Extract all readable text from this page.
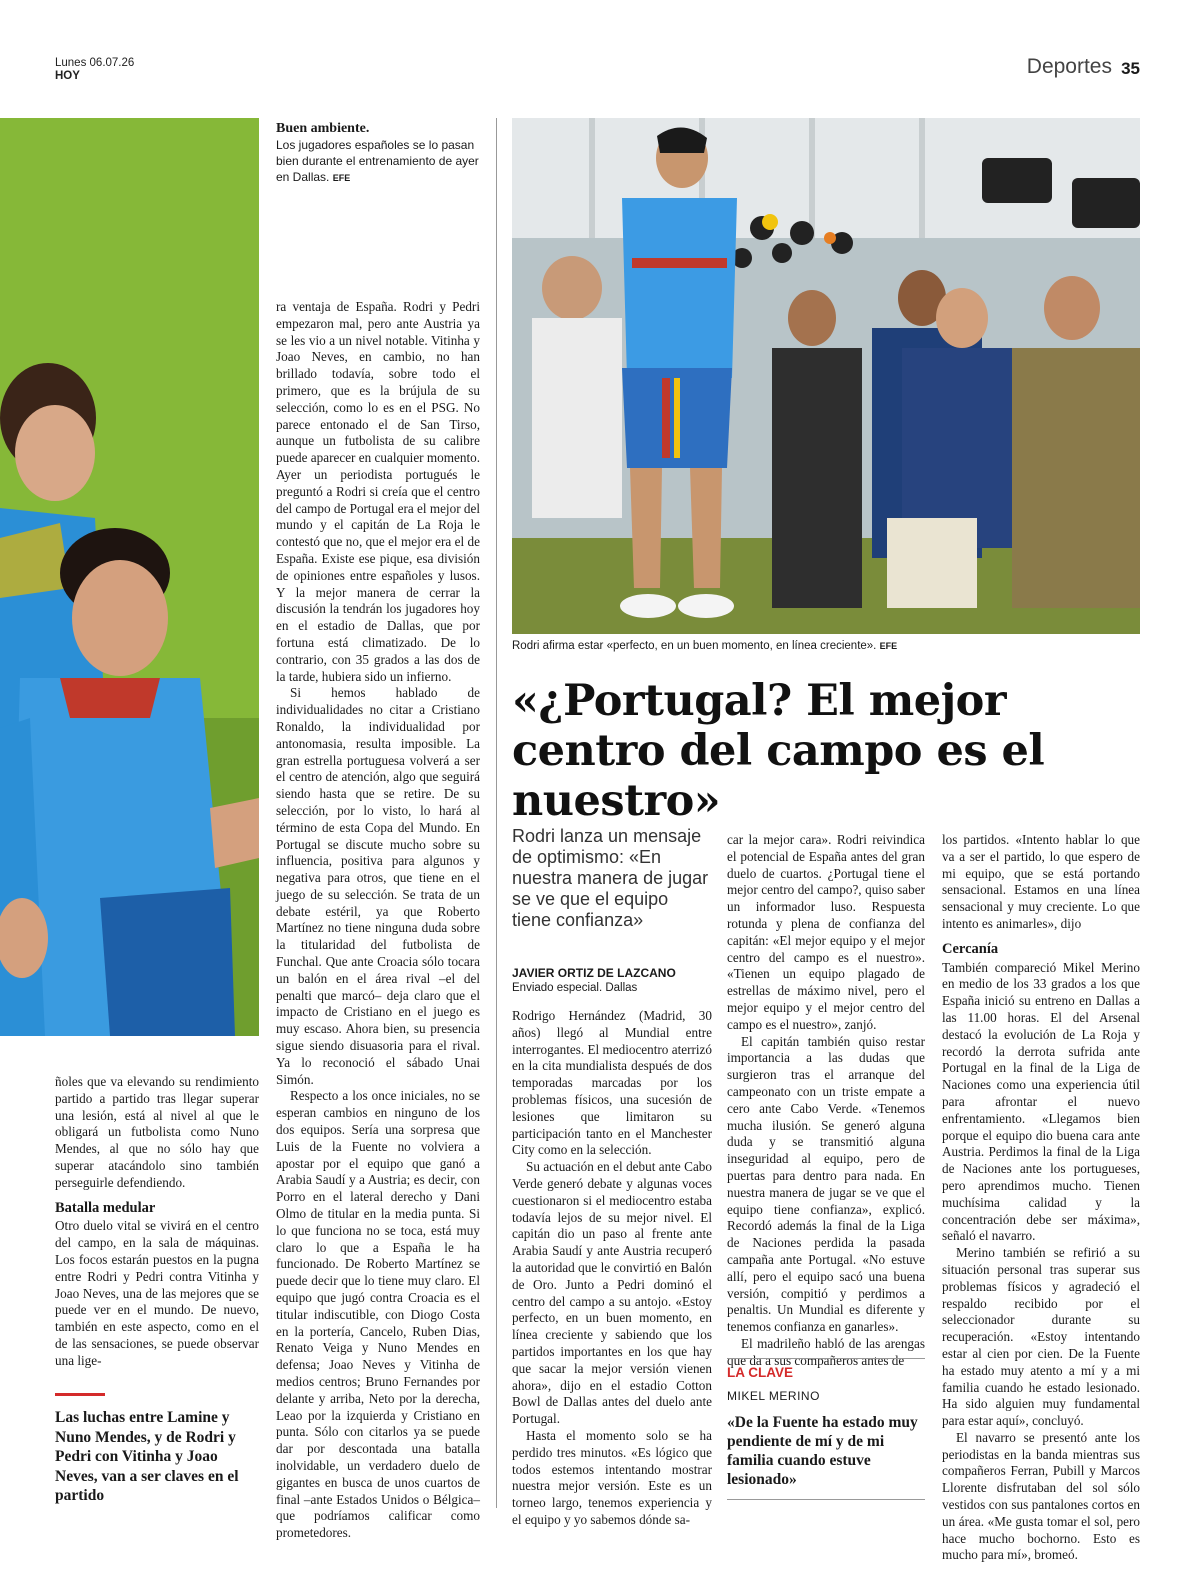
Lunes 06.07.26
HOY	Deportes 35
Buen ambiente.
Los jugadores españoles se lo pasan bien durante el entrenamiento de ayer en Dallas. EFE
Rodri afirma estar «perfecto, en un buen momento, en línea creciente». EFE
«¿Portugal? El mejor centro del campo es el nuestro»
Rodri lanza un mensaje de optimismo: «En nuestra manera de jugar se ve que el equipo tiene confianza»
JAVIER ORTIZ DE LAZCANO
Enviado especial. Dallas

ñoles que va elevando su rendimiento partido a partido tras llegar superar una lesión, está al nivel al que le obligará un futbolista como Nuno Mendes, al que no sólo hay que superar atacándolo sino también perseguirle defendiendo.

Batalla medular

Otro duelo vital se vivirá en el centro del campo, en la sala de máquinas. Los focos estarán puestos en la pugna entre Rodri y Pedri contra Vitinha y Joao Neves, una de las mejores que se puede ver en el mundo. De nuevo, también en este aspecto, como en el de las sensaciones, se puede observar una lige-

Las luchas entre Lamine y Nuno Mendes, y de Rodri y Pedri con Vitinha y Joao Neves, van a ser claves en el partido

ra ventaja de España. Rodri y Pedri empezaron mal, pero ante Austria ya se les vio a un nivel notable. Vitinha y Joao Neves, en cambio, no han brillado todavía, sobre todo el primero, que es la brújula de su selección, como lo es en el PSG. No parece entonado el de San Tirso, aunque un futbolista de su calibre puede aparecer en cualquier momento. Ayer un periodista portugués le preguntó a Rodri si creía que el centro del campo de Portugal era el mejor del mundo y el capitán de La Roja le contestó que no, que el mejor era el de España. Existe ese pique, esa división de opiniones entre españoles y lusos. Y la mejor manera de cerrar la discusión la tendrán los jugadores hoy en el estadio de Dallas, que por fortuna está climatizado. De lo contrario, con 35 grados a las dos de la tarde, hubiera sido un infierno.

Si hemos hablado de individualidades no citar a Cristiano Ronaldo, la individualidad por antonomasia, resulta imposible. La gran estrella portuguesa volverá a ser el centro de atención, algo que seguirá siendo hasta que se retire. De su selección, por lo visto, lo hará al término de esta Copa del Mundo. En Portugal se discute mucho sobre su influencia, positiva para algunos y negativa para otros, que tiene en el juego de su selección. Se trata de un debate estéril, ya que Roberto Martínez no tiene ninguna duda sobre la titularidad del futbolista de Funchal. Que ante Croacia sólo tocara un balón en el área rival –el del penalti que marcó– deja claro que el impacto de Cristiano en el juego es muy escaso. Ahora bien, su presencia sigue siendo disuasoria para el rival. Ya lo reconoció el sábado Unai Simón.

Respecto a los once iniciales, no se esperan cambios en ninguno de los dos equipos. Sería una sorpresa que Luis de la Fuente no volviera a apostar por el equipo que ganó a Arabia Saudí y a Austria; es decir, con Porro en el lateral derecho y Dani Olmo de titular en la media punta. Si lo que funciona no se toca, está muy claro lo que a España le ha funcionado. De Roberto Martínez se puede decir que lo tiene muy claro. El equipo que jugó contra Croacia es el titular indiscutible, con Diogo Costa en la portería, Cancelo, Ruben Dias, Renato Veiga y Nuno Mendes en defensa; Joao Neves y Vitinha de medios centros; Bruno Fernandes por delante y arriba, Neto por la derecha, Leao por la izquierda y Cristiano en punta. Sólo con citarlos ya se puede dar por descontada una batalla inolvidable, un verdadero duelo de gigantes en busca de unos cuartos de final –ante Estados Unidos o Bélgica– que podríamos calificar como prometedores.

Rodrigo Hernández (Madrid, 30 años) llegó al Mundial entre interrogantes. El mediocentro aterrizó en la cita mundialista después de dos temporadas marcadas por los problemas físicos, una sucesión de lesiones que limitaron su participación tanto en el Manchester City como en la selección.

Su actuación en el debut ante Cabo Verde generó debate y algunas voces cuestionaron si el mediocentro estaba todavía lejos de su mejor nivel. El capitán dio un paso al frente ante Arabia Saudí y ante Austria recuperó la autoridad que le convirtió en Balón de Oro. Junto a Pedri dominó el centro del campo a su antojo. «Estoy perfecto, en un buen momento, en línea creciente y sabiendo que los partidos importantes en los que hay que sacar la mejor versión vienen ahora», dijo en el estadio Cotton Bowl de Dallas antes del duelo ante Portugal.

Hasta el momento solo se ha perdido tres minutos. «Es lógico que todos estemos intentando mostrar nuestra mejor versión. Este es un torneo largo, tenemos experiencia y el equipo y yo sabemos dónde sa-

car la mejor cara». Rodri reivindica el potencial de España antes del gran duelo de cuartos. ¿Portugal tiene el mejor centro del campo?, quiso saber un informador luso. Respuesta rotunda y plena de confianza del capitán: «El mejor equipo y el mejor centro del campo es el nuestro». «Tienen un equipo plagado de estrellas de máximo nivel, pero el mejor equipo y el mejor centro del campo es el nuestro», zanjó.

El capitán también quiso restar importancia a las dudas que surgieron tras el arranque del campeonato con un triste empate a cero ante Cabo Verde. «Tenemos mucha ilusión. Se generó alguna duda y se transmitió alguna inseguridad al equipo, pero de puertas para dentro para nada. En nuestra manera de jugar se ve que el equipo tiene confianza», explicó. Recordó además la final de la Liga de Naciones perdida la pasada campaña ante Portugal. «No estuve allí, pero el equipo sacó una buena versión, compitió y perdimos a penaltis. Un Mundial es diferente y tenemos confianza en ganarles».

El madrileño habló de las arengas que da a sus compañeros antes de

LA CLAVE
MIKEL MERINO
«De la Fuente ha estado muy pendiente de mí y de mi familia cuando estuve lesionado»

los partidos. «Intento hablar lo que va a ser el partido, lo que espero de mi equipo, que se está portando sensacional. Estamos en una línea sensacional y muy creciente. Lo que intento es animarles», dijo

Cercanía

También compareció Mikel Merino en medio de los 33 grados a los que España inició su entreno en Dallas a las 11.00 horas. El del Arsenal destacó la evolución de La Roja y recordó la derrota sufrida ante Portugal en la final de la Liga de Naciones como una experiencia útil para afrontar el nuevo enfrentamiento. «Llegamos bien porque el equipo dio buena cara ante Austria. Perdimos la final de la Liga de Naciones ante los portugueses, pero aprendimos mucho. Tienen muchísima calidad y la concentración debe ser máxima», señaló el navarro.

Merino también se refirió a su situación personal tras superar sus problemas físicos y agradeció el respaldo recibido por el seleccionador durante su recuperación. «Estoy intentando estar al cien por cien. De la Fuente ha estado muy atento a mí y a mi familia cuando he estado lesionado. Ha sido alguien muy fundamental para estar aquí», concluyó.

El navarro se presentó ante los periodistas en la banda mientras sus compañeros Ferran, Pubill y Marcos Llorente disfrutaban del sol sólo vestidos con sus pantalones cortos en un área. «Me gusta tomar el sol, pero hace mucho bochorno. Esto es mucho para mí», bromeó.
